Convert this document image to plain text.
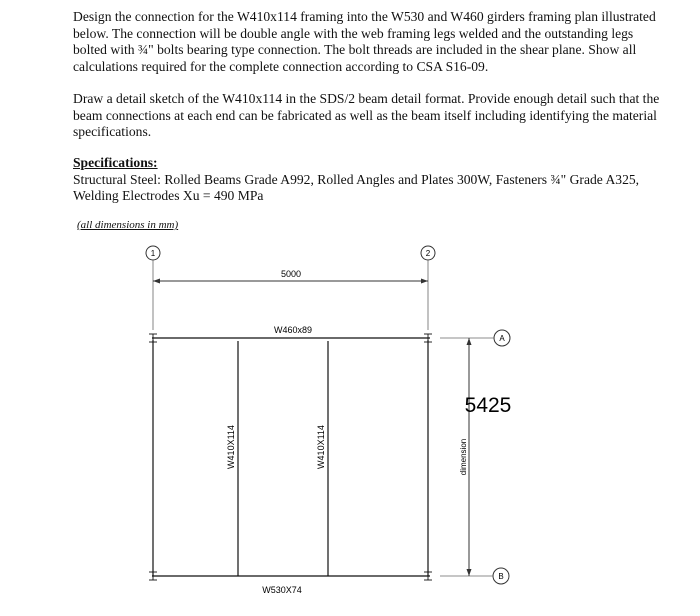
Design the connection for the W410x114 framing into the W530 and W460 girders framing plan illustrated below. The connection will be double angle with the web framing legs welded and the outstanding legs bolted with ¾" bolts bearing type connection. The bolt threads are included in the shear plane. Show all calculations required for the complete connection according to CSA S16-09.
Draw a detail sketch of the W410x114 in the SDS/2 beam detail format. Provide enough detail such that the beam connections at each end can be fabricated as well as the beam itself including identifying the material specifications.
Specifications:
Structural Steel: Rolled Beams Grade A992, Rolled Angles and Plates 300W, Fasteners ¾" Grade A325, Welding Electrodes Xu = 490 MPa
(all dimensions in mm)
1	2
A
B
5000
W460x89
W530X74
W410X114	W410X114
5425
dimension
